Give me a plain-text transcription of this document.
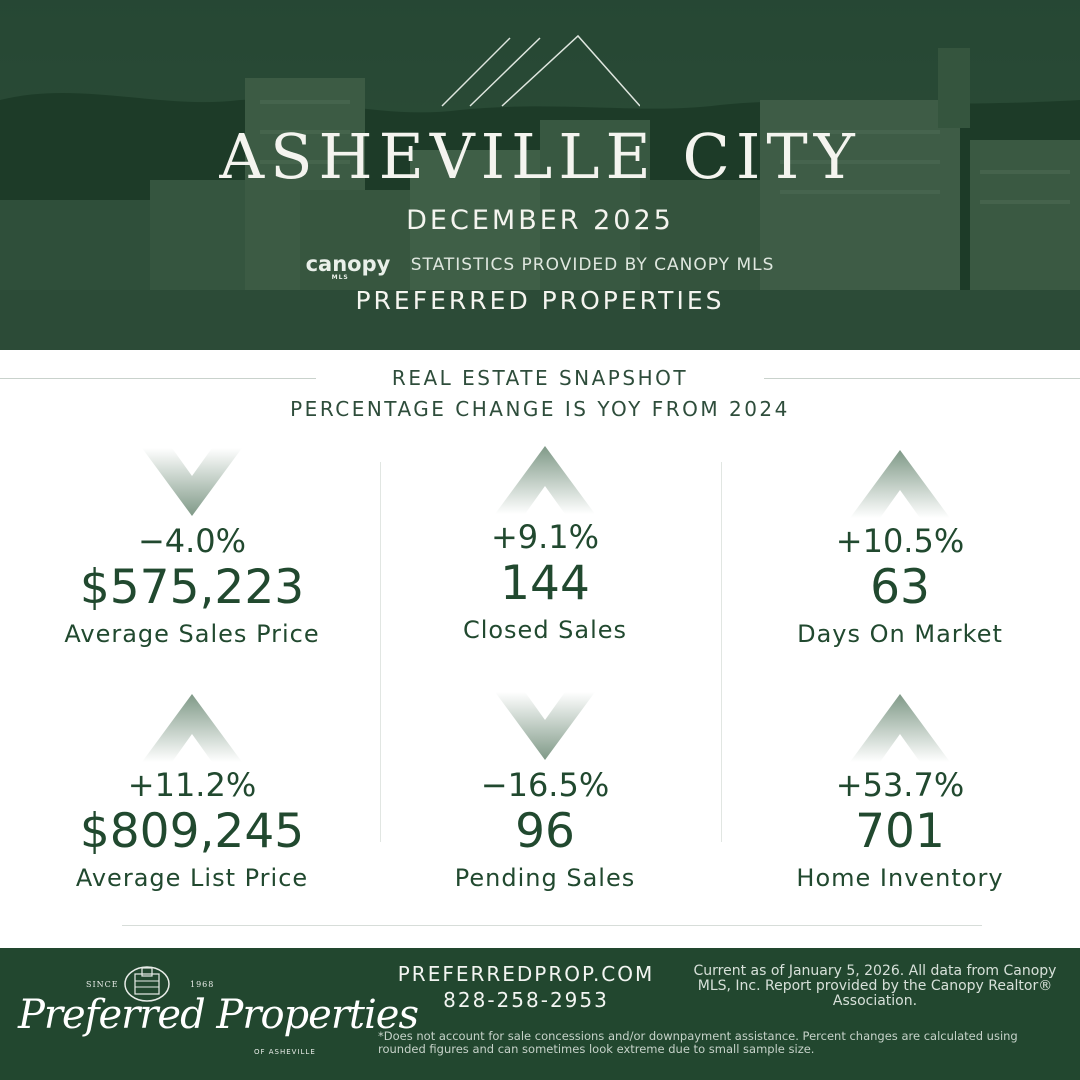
ASHEVILLE CITY
DECEMBER 2025
canopy
MLS
STATISTICS PROVIDED BY CANOPY MLS
PREFERRED PROPERTIES
REAL ESTATE SNAPSHOT
PERCENTAGE CHANGE IS YOY FROM 2024
−4.0%
$575,223
Average Sales Price
+9.1%
144
Closed Sales
+10.5%
63
Days On Market
+11.2%
$809,245
Average List Price
−16.5%
96
Pending Sales
+53.7%
701
Home Inventory
SINCE	1968
Preferred Properties
OF ASHEVILLE
PREFERREDPROP.COM
828-258-2953
Current as of January 5, 2026. All data from Canopy MLS, Inc. Report provided by the Canopy Realtor® Association.
*Does not account for sale concessions and/or downpayment assistance. Percent changes are calculated using rounded figures and can sometimes look extreme due to small sample size.
